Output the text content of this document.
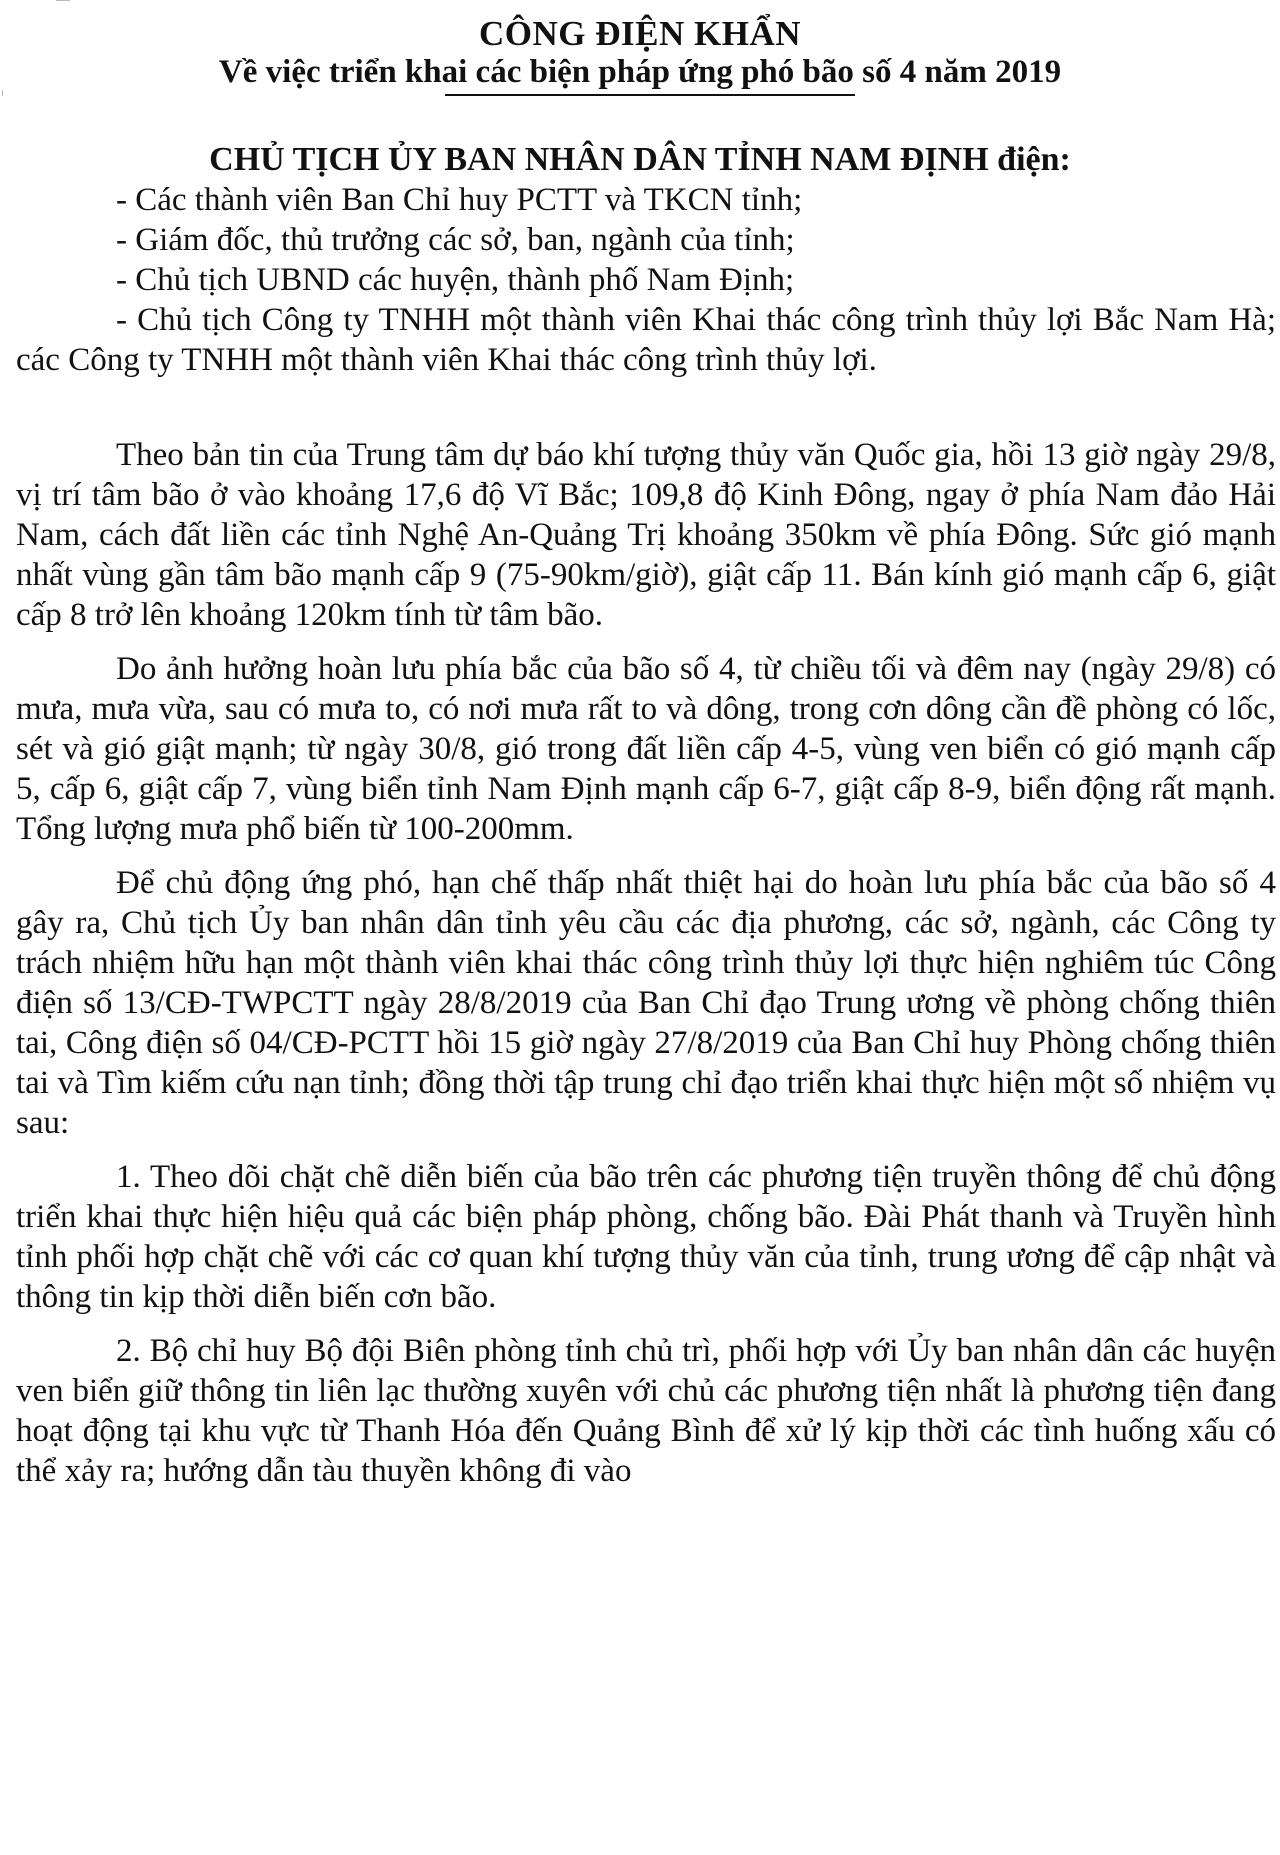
CÔNG ĐIỆN KHẨN
Về việc triển khai các biện pháp ứng phó bão số 4 năm 2019
CHỦ TỊCH ỦY BAN NHÂN DÂN TỈNH NAM ĐỊNH điện:

- Các thành viên Ban Chỉ huy PCTT và TKCN tỉnh;

- Giám đốc, thủ trưởng các sở, ban, ngành của tỉnh;

- Chủ tịch UBND các huyện, thành phố Nam Định;

- Chủ tịch Công ty TNHH một thành viên Khai thác công trình thủy lợi Bắc Nam Hà; các Công ty TNHH một thành viên Khai thác công trình thủy lợi.

Theo bản tin của Trung tâm dự báo khí tượng thủy văn Quốc gia, hồi 13 giờ ngày 29/8, vị trí tâm bão ở vào khoảng 17,6 độ Vĩ Bắc; 109,8 độ Kinh Đông, ngay ở phía Nam đảo Hải Nam, cách đất liền các tỉnh Nghệ An-Quảng Trị khoảng 350km về phía Đông. Sức gió mạnh nhất vùng gần tâm bão mạnh cấp 9 (75-90km/giờ), giật cấp 11. Bán kính gió mạnh cấp 6, giật cấp 8 trở lên khoảng 120km tính từ tâm bão.

Do ảnh hưởng hoàn lưu phía bắc của bão số 4, từ chiều tối và đêm nay (ngày 29/8) có mưa, mưa vừa, sau có mưa to, có nơi mưa rất to và dông, trong cơn dông cần đề phòng có lốc, sét và gió giật mạnh; từ ngày 30/8, gió trong đất liền cấp 4-5, vùng ven biển có gió mạnh cấp 5, cấp 6, giật cấp 7, vùng biển tỉnh Nam Định mạnh cấp 6-7, giật cấp 8-9, biển động rất mạnh. Tổng lượng mưa phổ biến từ 100-200mm.

Để chủ động ứng phó, hạn chế thấp nhất thiệt hại do hoàn lưu phía bắc của bão số 4 gây ra, Chủ tịch Ủy ban nhân dân tỉnh yêu cầu các địa phương, các sở, ngành, các Công ty trách nhiệm hữu hạn một thành viên khai thác công trình thủy lợi thực hiện nghiêm túc Công điện số 13/CĐ-TWPCTT ngày 28/8/2019 của Ban Chỉ đạo Trung ương về phòng chống thiên tai, Công điện số 04/CĐ-PCTT hồi 15 giờ ngày 27/8/2019 của Ban Chỉ huy Phòng chống thiên tai và Tìm kiếm cứu nạn tỉnh; đồng thời tập trung chỉ đạo triển khai thực hiện một số nhiệm vụ sau:

1. Theo dõi chặt chẽ diễn biến của bão trên các phương tiện truyền thông để chủ động triển khai thực hiện hiệu quả các biện pháp phòng, chống bão. Đài Phát thanh và Truyền hình tỉnh phối hợp chặt chẽ với các cơ quan khí tượng thủy văn của tỉnh, trung ương để cập nhật và thông tin kịp thời diễn biến cơn bão.

2. Bộ chỉ huy Bộ đội Biên phòng tỉnh chủ trì, phối hợp với Ủy ban nhân dân các huyện ven biển giữ thông tin liên lạc thường xuyên với chủ các phương tiện nhất là phương tiện đang hoạt động tại khu vực từ Thanh Hóa đến Quảng Bình để xử lý kịp thời các tình huống xấu có thể xảy ra; hướng dẫn tàu thuyền không đi vào
